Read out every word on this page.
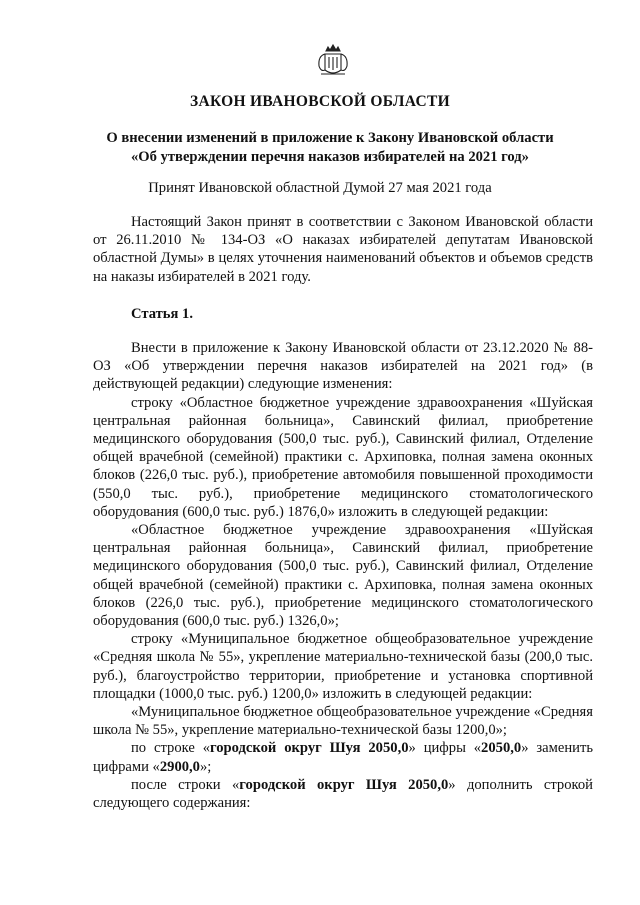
ЗАКОН ИВАНОВСКОЙ ОБЛАСТИ
О внесении изменений в приложение к Закону Ивановской области
«Об утверждении перечня наказов избирателей на 2021 год»
Принят Ивановской областной Думой 27 мая 2021 года

Настоящий Закон принят в соответствии с Законом Ивановской области от 26.11.2010 № 134-ОЗ «О наказах избирателей депутатам Ивановской областной Думы» в целях уточнения наименований объектов и объемов средств на наказы избирателей в 2021 году.

Статья 1.

Внести в приложение к Закону Ивановской области от 23.12.2020 № 88-ОЗ «Об утверждении перечня наказов избирателей на 2021 год» (в действующей редакции) следующие изменения:

строку «Областное бюджетное учреждение здравоохранения «Шуйская центральная районная больница», Савинский филиал, приобретение медицинского оборудования (500,0 тыс. руб.), Савинский филиал, Отделение общей врачебной (семейной) практики с. Архиповка, полная замена оконных блоков (226,0 тыс. руб.), приобретение автомобиля повышенной проходимости (550,0 тыс. руб.), приобретение медицинского стоматологического оборудования (600,0 тыс. руб.) 1876,0» изложить в следующей редакции:

«Областное бюджетное учреждение здравоохранения «Шуйская центральная районная больница», Савинский филиал, приобретение медицинского оборудования (500,0 тыс. руб.), Савинский филиал, Отделение общей врачебной (семейной) практики с. Архиповка, полная замена оконных блоков (226,0 тыс. руб.), приобретение медицинского стоматологического оборудования (600,0 тыс. руб.) 1326,0»;

строку «Муниципальное бюджетное общеобразовательное учреждение «Средняя школа № 55», укрепление материально-технической базы (200,0 тыс. руб.), благоустройство территории, приобретение и установка спортивной площадки (1000,0 тыс. руб.) 1200,0» изложить в следующей редакции:

«Муниципальное бюджетное общеобразовательное учреждение «Средняя школа № 55», укрепление материально-технической базы 1200,0»;

по строке «городской округ Шуя 2050,0» цифры «2050,0» заменить цифрами «2900,0»;

после строки «городской округ Шуя 2050,0» дополнить строкой следующего содержания:
